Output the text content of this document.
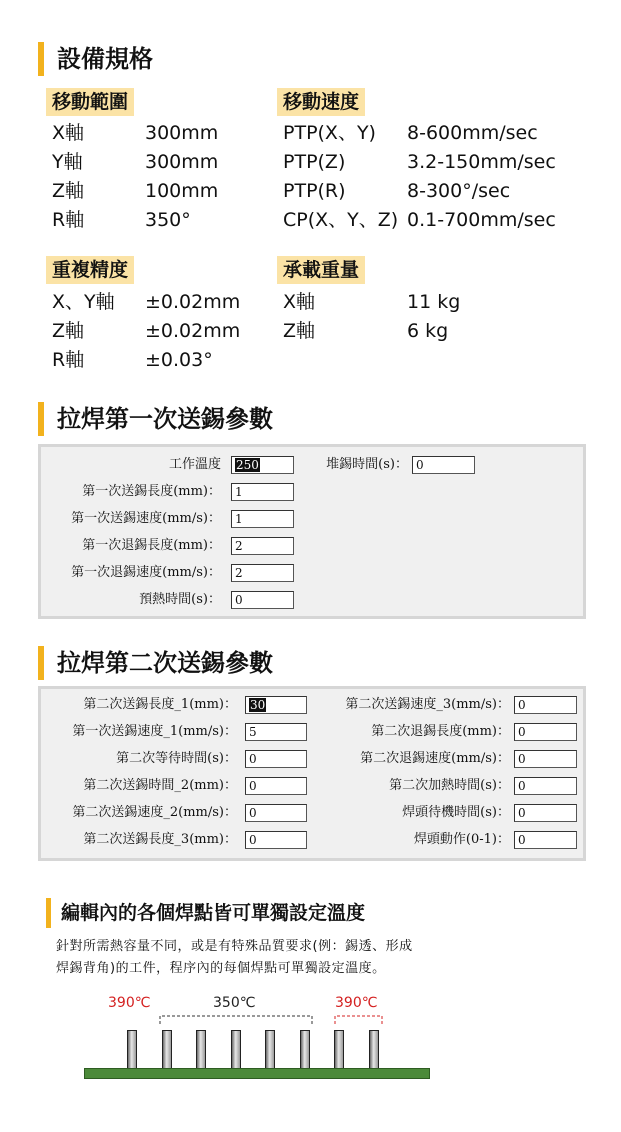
設備規格
移動範圍	移動速度
X軸	300mm
Y軸	300mm
Z軸	100mm
R軸	350°
PTP(X、Y) 8-600mm/sec
PTP(Z)	3.2-150mm/sec
PTP(R)	8-300°/sec
CP(X、Y、Z) 0.1-700mm/sec
重複精度	承載重量
X、Y軸 ±0.02mm
Z軸	±0.02mm
R軸	±0.03°
X軸	11 kg
Z軸	6 kg
拉焊第一次送錫參數
工作溫度	250
第一次送錫長度(mm)：	1
第一次送錫速度(mm/s)：	1
第一次退錫長度(mm)：	2
第一次退錫速度(mm/s)：	2
預熱時間(s)：	0
堆錫時間(s)： 0
拉焊第二次送錫參數
第二次送錫長度_1(mm)：	30
第一次送錫速度_1(mm/s)：	5
第二次等待時間(s)：	0
第二次送錫時間_2(mm)：	0
第二次送錫速度_2(mm/s)：	0
第二次送錫長度_3(mm)：	0
第二次送錫速度_3(mm/s)： 0
第二次退錫長度(mm)： 0
第二次退錫速度(mm/s)： 0
第二次加熱時間(s)： 0
焊頭待機時間(s)： 0
焊頭動作(0-1)： 0
編輯內的各個焊點皆可單獨設定溫度
針對所需熱容量不同，或是有特殊品質要求(例：錫透、形成
焊錫背角)的工件，程序內的每個焊點可單獨設定溫度。
390℃	350℃	390℃
